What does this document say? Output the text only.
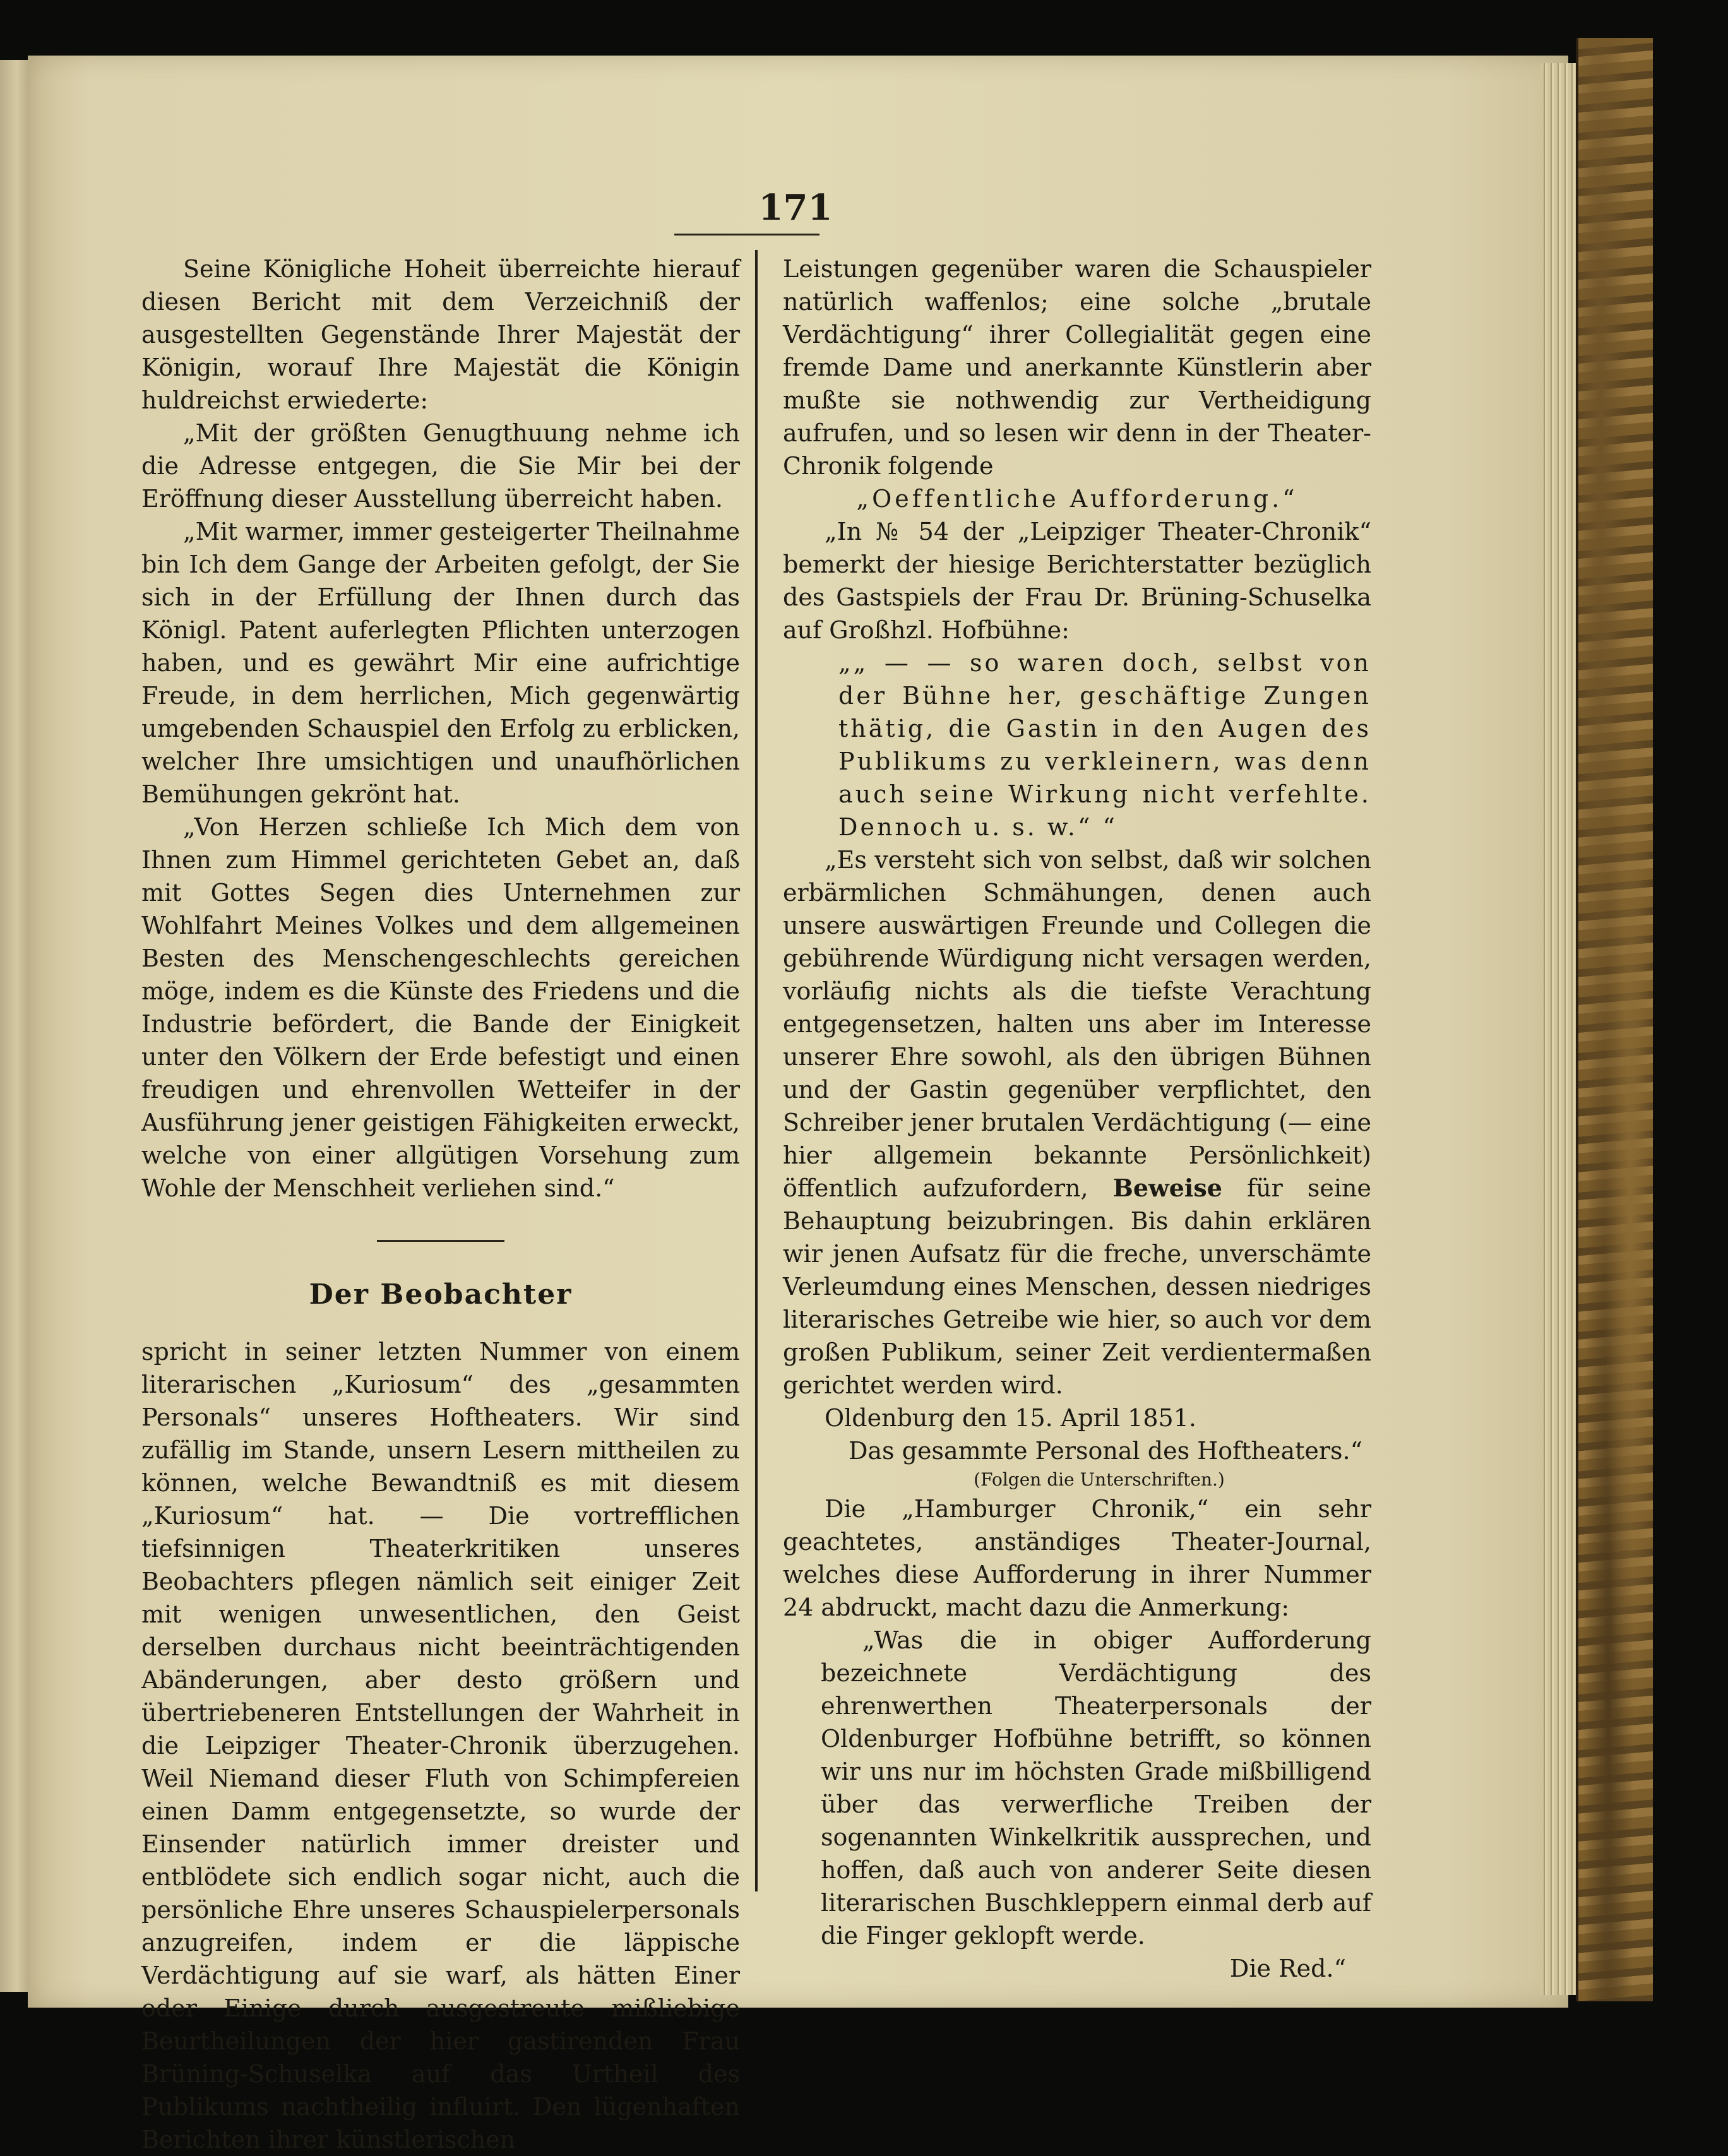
171

Seine Königliche Hoheit überreichte hierauf diesen Bericht mit dem Verzeichniß der ausgestellten Gegenstände Ihrer Majestät der Königin, worauf Ihre Majestät die Königin huldreichst erwiederte:

„Mit der größten Genugthuung nehme ich die Adresse entgegen, die Sie Mir bei der Eröffnung dieser Ausstellung überreicht haben.

„Mit warmer, immer gesteigerter Theilnahme bin Ich dem Gange der Arbeiten gefolgt, der Sie sich in der Erfüllung der Ihnen durch das Königl. Patent auferlegten Pflichten unterzogen haben, und es gewährt Mir eine aufrichtige Freude, in dem herrlichen, Mich gegenwärtig umgebenden Schauspiel den Erfolg zu erblicken, welcher Ihre umsichtigen und unaufhörlichen Bemühungen gekrönt hat.

„Von Herzen schließe Ich Mich dem von Ihnen zum Himmel gerichteten Gebet an, daß mit Gottes Segen dies Unternehmen zur Wohlfahrt Meines Volkes und dem allgemeinen Besten des Menschengeschlechts gereichen möge, indem es die Künste des Friedens und die Industrie befördert, die Bande der Einigkeit unter den Völkern der Erde befestigt und einen freudigen und ehrenvollen Wetteifer in der Ausführung jener geistigen Fähigkeiten erweckt, welche von einer allgütigen Vorsehung zum Wohle der Menschheit verliehen sind.“

Der Beobachter

spricht in seiner letzten Nummer von einem literarischen „Kuriosum“ des „gesammten Personals“ unseres Hoftheaters. Wir sind zufällig im Stande, unsern Lesern mittheilen zu können, welche Bewandtniß es mit diesem „Kuriosum“ hat. — Die vortrefflichen tiefsinnigen Theaterkritiken unseres Beobachters pflegen nämlich seit einiger Zeit mit wenigen unwesentlichen, den Geist derselben durchaus nicht beeinträchtigenden Abänderungen, aber desto größern und übertriebeneren Entstellungen der Wahrheit in die Leipziger Theater-Chronik überzugehen. Weil Niemand dieser Fluth von Schimpfereien einen Damm entgegensetzte, so wurde der Einsender natürlich immer dreister und entblödete sich endlich sogar nicht, auch die persönliche Ehre unseres Schauspielerpersonals anzugreifen, indem er die läppische Verdächtigung auf sie warf, als hätten Einer oder Einige durch ausgestreute mißliebige Beurtheilungen der hier gastirenden Frau Brüning-Schuselka auf das Urtheil des Publikums nachtheilig influirt. Den lügenhaften Berichten ihrer künstlerischen

Leistungen gegenüber waren die Schauspieler natürlich waffenlos; eine solche „brutale Verdächtigung“ ihrer Collegialität gegen eine fremde Dame und anerkannte Künstlerin aber mußte sie nothwendig zur Vertheidigung aufrufen, und so lesen wir denn in der Theater-Chronik folgende

„Oeffentliche Aufforderung.“

„In № 54 der „Leipziger Theater-Chronik“ bemerkt der hiesige Berichterstatter bezüglich des Gastspiels der Frau Dr. Brüning-Schuselka auf Großhzl. Hofbühne:

„„ — — so waren doch, selbst von der Bühne her, geschäftige Zungen thätig, die Gastin in den Augen des Publikums zu verkleinern, was denn auch seine Wirkung nicht verfehlte. Dennoch u. s. w.“ “

„Es versteht sich von selbst, daß wir solchen erbärmlichen Schmähungen, denen auch unsere auswärtigen Freunde und Collegen die gebührende Würdigung nicht versagen werden, vorläufig nichts als die tiefste Verachtung entgegensetzen, halten uns aber im Interesse unserer Ehre sowohl, als den übrigen Bühnen und der Gastin gegenüber verpflichtet, den Schreiber jener brutalen Verdächtigung (— eine hier allgemein bekannte Persönlichkeit) öffentlich aufzufordern, Beweise für seine Behauptung beizubringen. Bis dahin erklären wir jenen Aufsatz für die freche, unverschämte Verleumdung eines Menschen, dessen niedriges literarisches Getreibe wie hier, so auch vor dem großen Publikum, seiner Zeit verdientermaßen gerichtet werden wird.

Oldenburg den 15. April 1851.

Das gesammte Personal des Hoftheaters.“

(Folgen die Unterschriften.)

Die „Hamburger Chronik,“ ein sehr geachtetes, anständiges Theater-Journal, welches diese Aufforderung in ihrer Nummer 24 abdruckt, macht dazu die Anmerkung:

„Was die in obiger Aufforderung bezeichnete Verdächtigung des ehrenwerthen Theaterpersonals der Oldenburger Hofbühne betrifft, so können wir uns nur im höchsten Grade mißbilligend über das verwerfliche Treiben der sogenannten Winkelkritik aussprechen, und hoffen, daß auch von anderer Seite diesen literarischen Buschkleppern einmal derb auf die Finger geklopft werde.

Die Red.“
